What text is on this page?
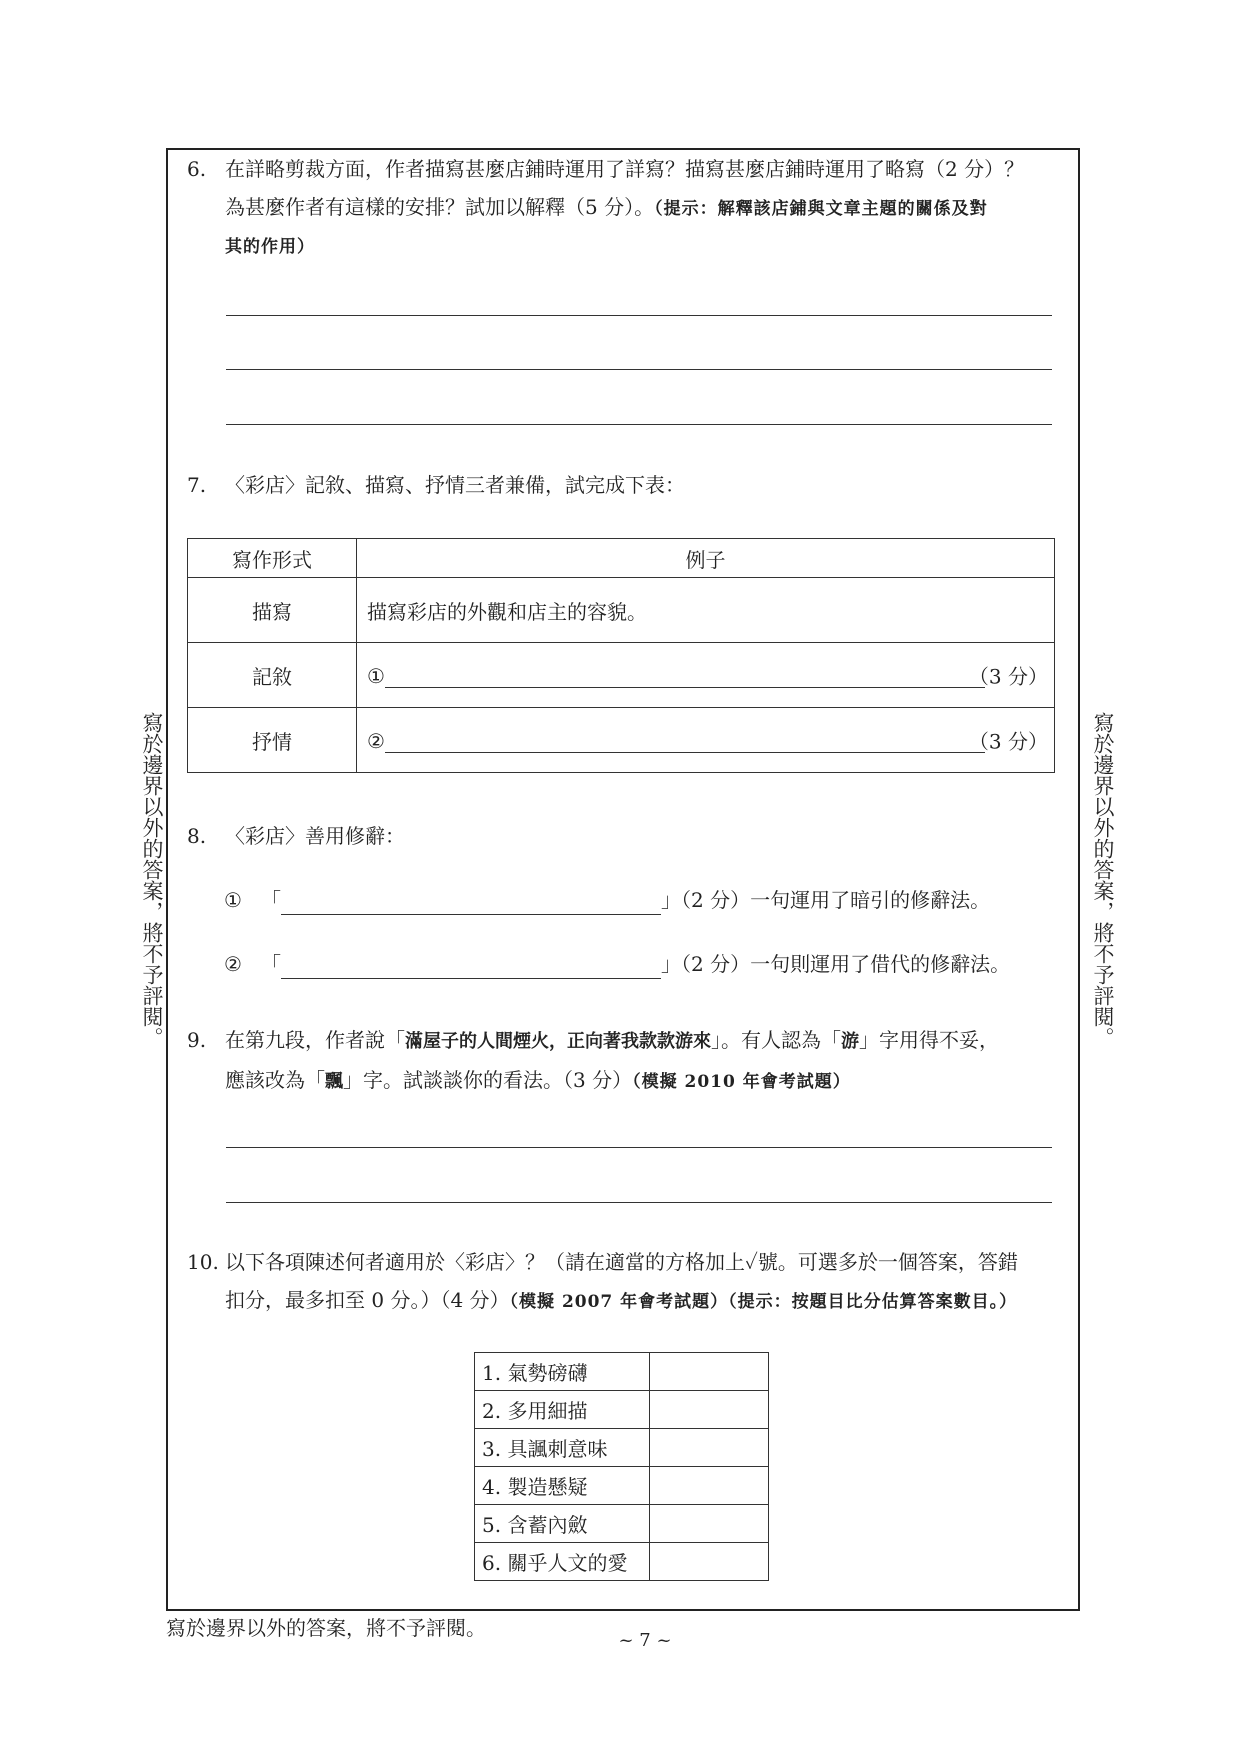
寫於邊界以外的答案，將不予評閱。	寫於邊界以外的答案，將不予評閱。
6. 在詳略剪裁方面，作者描寫甚麼店鋪時運用了詳寫？描寫甚麼店鋪時運用了略寫（2 分）？
為甚麼作者有這樣的安排？試加以解釋（5 分）。（提示：解釋該店鋪與文章主題的關係及對
其的作用）
7. 〈彩店〉記敘、描寫、抒情三者兼備，試完成下表：
寫作形式	例子
描寫	描寫彩店的外觀和店主的容貌。
記敘	① （3 分）

抒情	② （3 分）
8. 〈彩店〉善用修辭：
① 「	」（2 分）一句運用了暗引的修辭法。
② 「	」（2 分）一句則運用了借代的修辭法。
9. 在第九段，作者說「滿屋子的人間煙火，正向著我款款游來」。有人認為「游」字用得不妥，
應該改為「飄」字。試談談你的看法。（3 分）（模擬 2010 年會考試題）
10. 以下各項陳述何者適用於〈彩店〉？（請在適當的方格加上✓號。可選多於一個答案，答錯
扣分，最多扣至 0 分。）（4 分）（模擬 2007 年會考試題）（提示：按題目比分估算答案數目。）
1. 氣勢磅礴	
2. 多用細描	
3. 具諷刺意味	
4. 製造懸疑	
5. 含蓄內斂	
6. 關乎人文的愛	
寫於邊界以外的答案，將不予評閱。
~ 7 ~
